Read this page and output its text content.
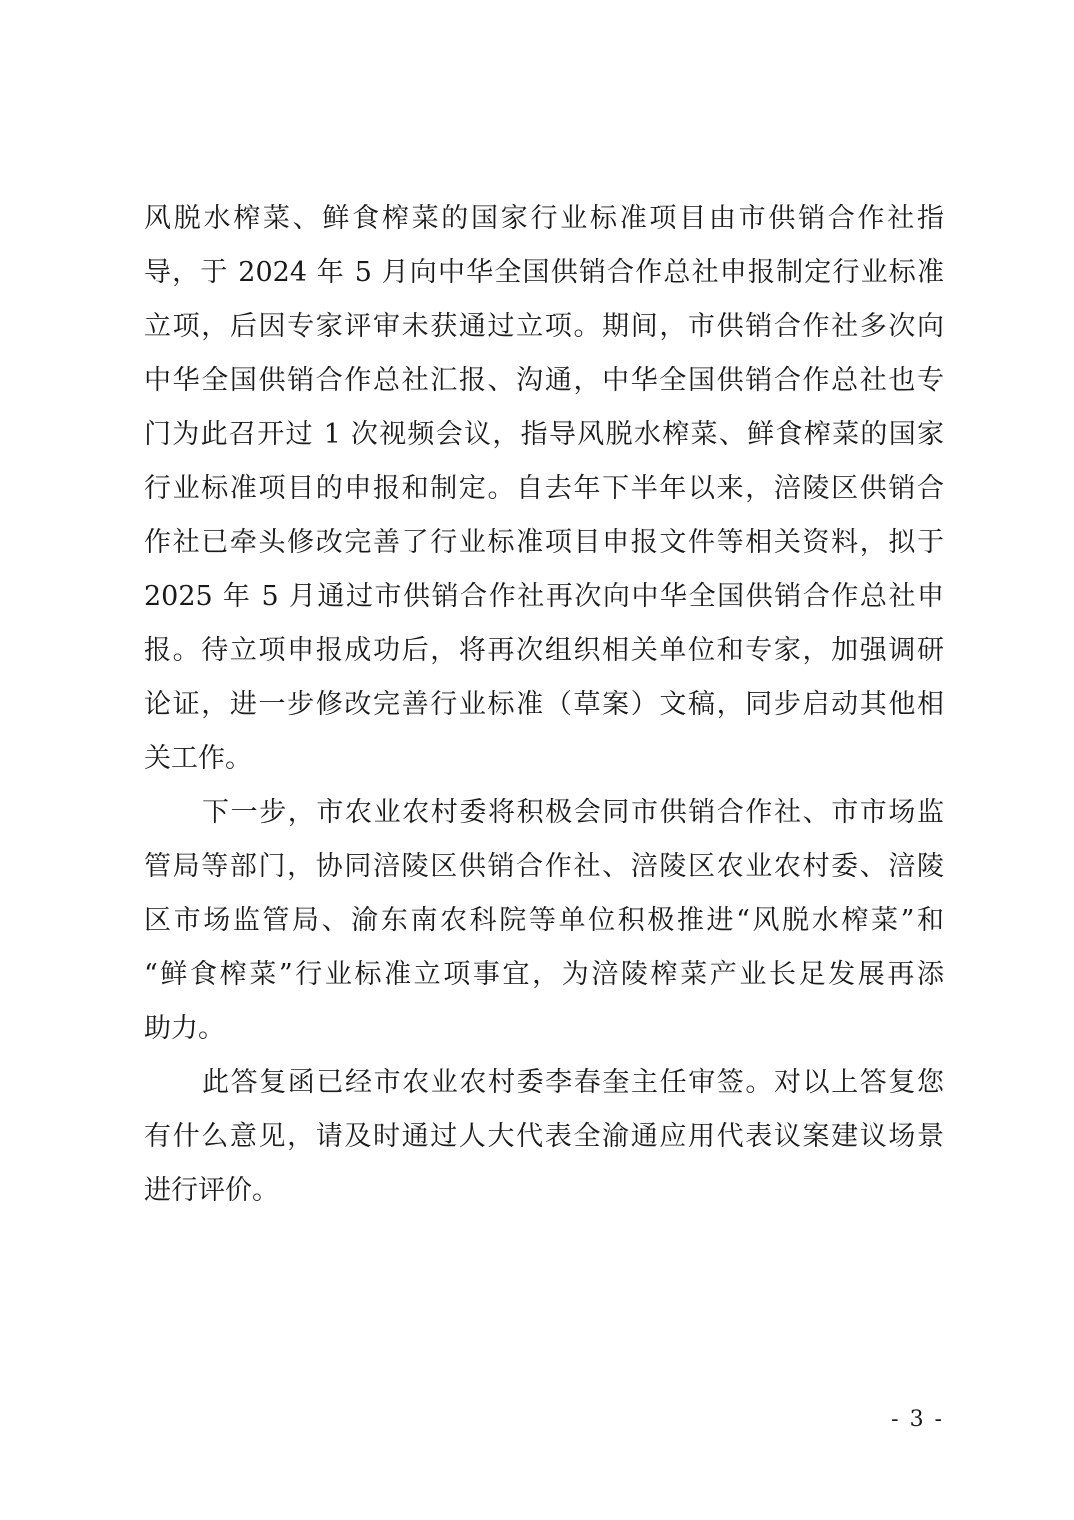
风脱水榨菜、鲜食榨菜的国家行业标准项目由市供销合作社指
导，于 2024 年 5 月向中华全国供销合作总社申报制定行业标准
立项，后因专家评审未获通过立项。期间，市供销合作社多次向
中华全国供销合作总社汇报、沟通，中华全国供销合作总社也专
门为此召开过 1 次视频会议，指导风脱水榨菜、鲜食榨菜的国家
行业标准项目的申报和制定。自去年下半年以来，涪陵区供销合
作社已牵头修改完善了行业标准项目申报文件等相关资料，拟于
2025 年 5 月通过市供销合作社再次向中华全国供销合作总社申
报。待立项申报成功后，将再次组织相关单位和专家，加强调研
论证，进一步修改完善行业标准（草案）文稿，同步启动其他相
关工作。
下一步，市农业农村委将积极会同市供销合作社、市市场监
管局等部门，协同涪陵区供销合作社、涪陵区农业农村委、涪陵
区市场监管局、渝东南农科院等单位积极推进“风脱水榨菜”和
“鲜食榨菜”行业标准立项事宜，为涪陵榨菜产业长足发展再添
助力。
此答复函已经市农业农村委李春奎主任审签。对以上答复您
有什么意见，请及时通过人大代表全渝通应用代表议案建议场景
进行评价。
- 3 -
